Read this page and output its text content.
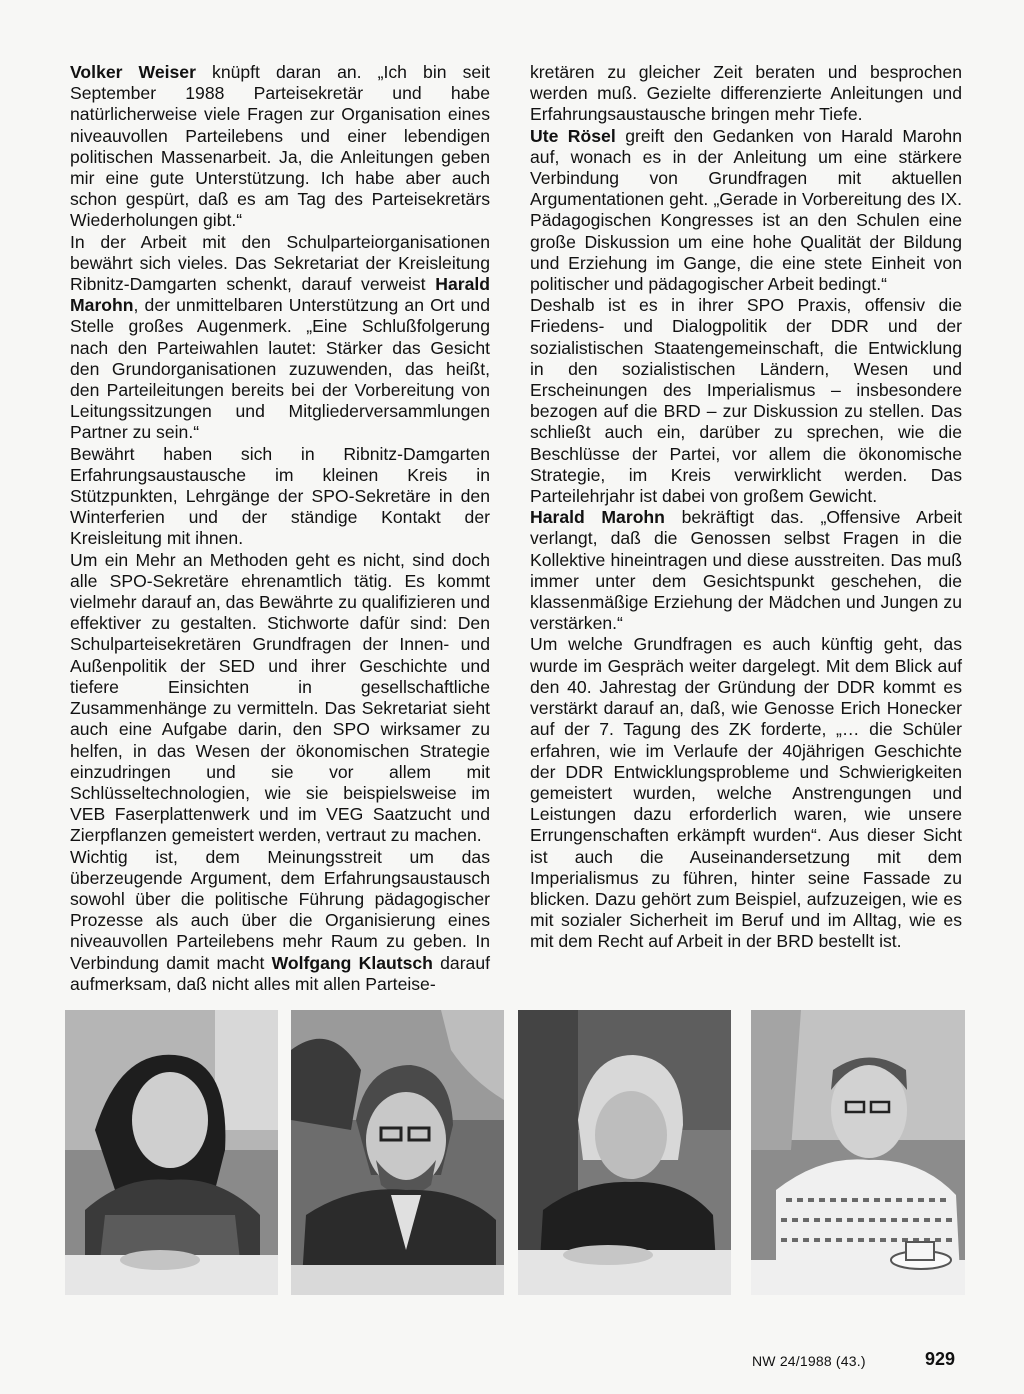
Volker Weiser knüpft daran an. „Ich bin seit September 1988 Parteisekretär und habe natürlicherweise viele Fragen zur Organisation eines niveauvollen Parteilebens und einer lebendigen politischen Massenarbeit. Ja, die Anleitungen geben mir eine gute Unterstützung. Ich habe aber auch schon gespürt, daß es am Tag des Parteisekretärs Wiederholungen gibt.“

In der Arbeit mit den Schulparteiorganisationen bewährt sich vieles. Das Sekretariat der Kreisleitung Ribnitz-Damgarten schenkt, darauf verweist Harald Marohn, der unmittelbaren Unterstützung an Ort und Stelle großes Augenmerk. „Eine Schlußfolgerung nach den Parteiwahlen lautet: Stärker das Gesicht den Grundorganisationen zuzuwenden, das heißt, den Parteileitungen bereits bei der Vorbereitung von Leitungssitzungen und Mitgliederversammlungen Partner zu sein.“

Bewährt haben sich in Ribnitz-Damgarten Erfahrungsaustausche im kleinen Kreis in Stützpunkten, Lehrgänge der SPO-Sekretäre in den Winterferien und der ständige Kontakt der Kreisleitung mit ihnen.

Um ein Mehr an Methoden geht es nicht, sind doch alle SPO-Sekretäre ehrenamtlich tätig. Es kommt vielmehr darauf an, das Bewährte zu qualifizieren und effektiver zu gestalten. Stichworte dafür sind: Den Schulparteisekretären Grundfragen der Innen- und Außenpolitik der SED und ihrer Geschichte und tiefere Einsichten in gesellschaftliche Zusammenhänge zu vermitteln. Das Sekretariat sieht auch eine Aufgabe darin, den SPO wirksamer zu helfen, in das Wesen der ökonomischen Strategie einzudringen und sie vor allem mit Schlüsseltechnologien, wie sie beispielsweise im VEB Faserplattenwerk und im VEG Saatzucht und Zierpflanzen gemeistert werden, vertraut zu machen.

Wichtig ist, dem Meinungsstreit um das überzeugende Argument, dem Erfahrungsaustausch sowohl über die politische Führung pädagogischer Prozesse als auch über die Organisierung eines niveauvollen Parteilebens mehr Raum zu geben. In Verbindung damit macht Wolfgang Klautsch darauf aufmerksam, daß nicht alles mit allen Parteise-

kretären zu gleicher Zeit beraten und besprochen werden muß. Gezielte differenzierte Anleitungen und Erfahrungsaustausche bringen mehr Tiefe.

Ute Rösel greift den Gedanken von Harald Marohn auf, wonach es in der Anleitung um eine stärkere Verbindung von Grundfragen mit aktuellen Argumentationen geht. „Gerade in Vorbereitung des IX. Pädagogischen Kongresses ist an den Schulen eine große Diskussion um eine hohe Qualität der Bildung und Erziehung im Gange, die eine stete Einheit von politischer und pädagogischer Arbeit bedingt.“

Deshalb ist es in ihrer SPO Praxis, offensiv die Friedens- und Dialogpolitik der DDR und der sozialistischen Staatengemeinschaft, die Entwicklung in den sozialistischen Ländern, Wesen und Erscheinungen des Imperialismus – insbesondere bezogen auf die BRD – zur Diskussion zu stellen. Das schließt auch ein, darüber zu sprechen, wie die Beschlüsse der Partei, vor allem die ökonomische Strategie, im Kreis verwirklicht werden. Das Parteilehrjahr ist dabei von großem Gewicht.

Harald Marohn bekräftigt das. „Offensive Arbeit verlangt, daß die Genossen selbst Fragen in die Kollektive hineintragen und diese ausstreiten. Das muß immer unter dem Gesichtspunkt geschehen, die klassenmäßige Erziehung der Mädchen und Jungen zu verstärken.“

Um welche Grundfragen es auch künftig geht, das wurde im Gespräch weiter dargelegt. Mit dem Blick auf den 40. Jahrestag der Gründung der DDR kommt es verstärkt darauf an, daß, wie Genosse Erich Honecker auf der 7. Tagung des ZK forderte, „… die Schüler erfahren, wie im Verlaufe der 40jährigen Geschichte der DDR Entwicklungsprobleme und Schwierigkeiten gemeistert wurden, welche Anstrengungen und Leistungen dazu erforderlich waren, wie unsere Errungenschaften erkämpft wurden“. Aus dieser Sicht ist auch die Auseinandersetzung mit dem Imperialismus zu führen, hinter seine Fassade zu blicken. Dazu gehört zum Beispiel, aufzuzeigen, wie es mit sozialer Sicherheit im Beruf und im Alltag, wie es mit dem Recht auf Arbeit in der BRD bestellt ist.

NW 24/1988 (43.)	929
